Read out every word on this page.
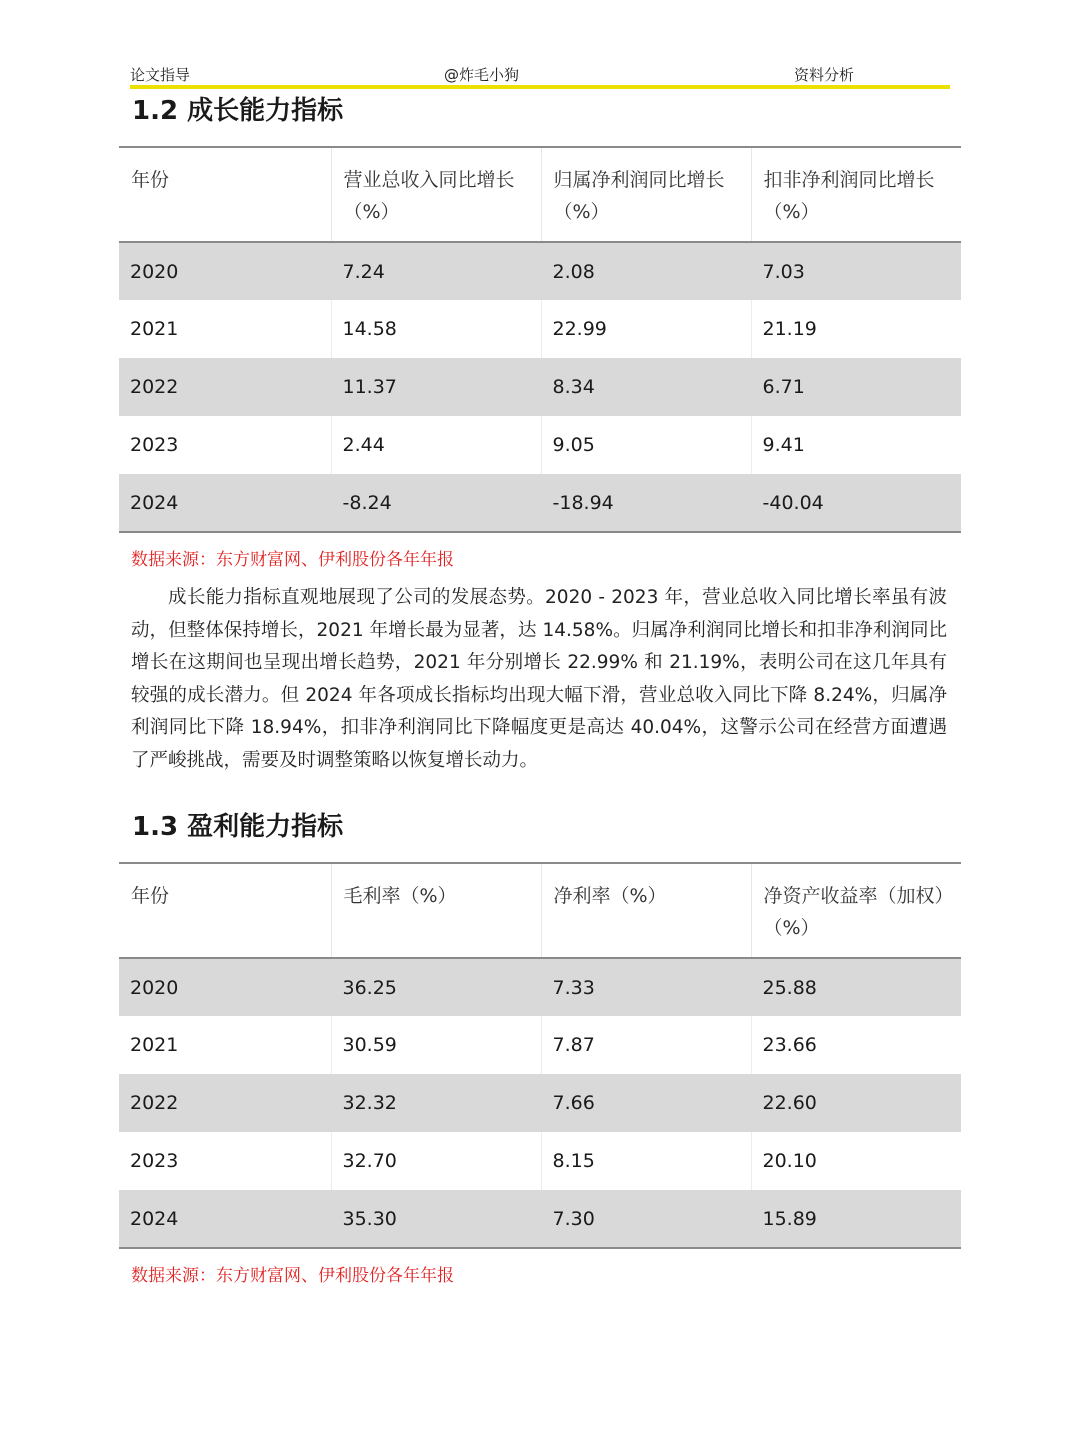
论文指导	@炸毛小狗	资料分析
1.2 成长能力指标
年份	营业总收入同比增长（%）	归属净利润同比增长（%）	扣非净利润同比增长（%）
2020	7.24	2.08	7.03
2021	14.58	22.99	21.19
2022	11.37	8.34	6.71
2023	2.44	9.05	9.41
2024	-8.24	-18.94	-40.04

数据来源：东方财富网、伊利股份各年年报

成长能力指标直观地展现了公司的发展态势。2020 - 2023 年，营业总收入同比增长率虽有波动，但整体保持增长，2021 年增长最为显著，达 14.58%。归属净利润同比增长和扣非净利润同比增长在这期间也呈现出增长趋势，2021 年分别增长 22.99% 和 21.19%，表明公司在这几年具有较强的成长潜力。但 2024 年各项成长指标均出现大幅下滑，营业总收入同比下降 8.24%，归属净利润同比下降 18.94%，扣非净利润同比下降幅度更是高达 40.04%，这警示公司在经营方面遭遇了严峻挑战，需要及时调整策略以恢复增长动力。

1.3 盈利能力指标
年份	毛利率（%）	净利率（%）	净资产收益率（加权）（%）
2020	36.25	7.33	25.88
2021	30.59	7.87	23.66
2022	32.32	7.66	22.60
2023	32.70	8.15	20.10
2024	35.30	7.30	15.89

数据来源：东方财富网、伊利股份各年年报
